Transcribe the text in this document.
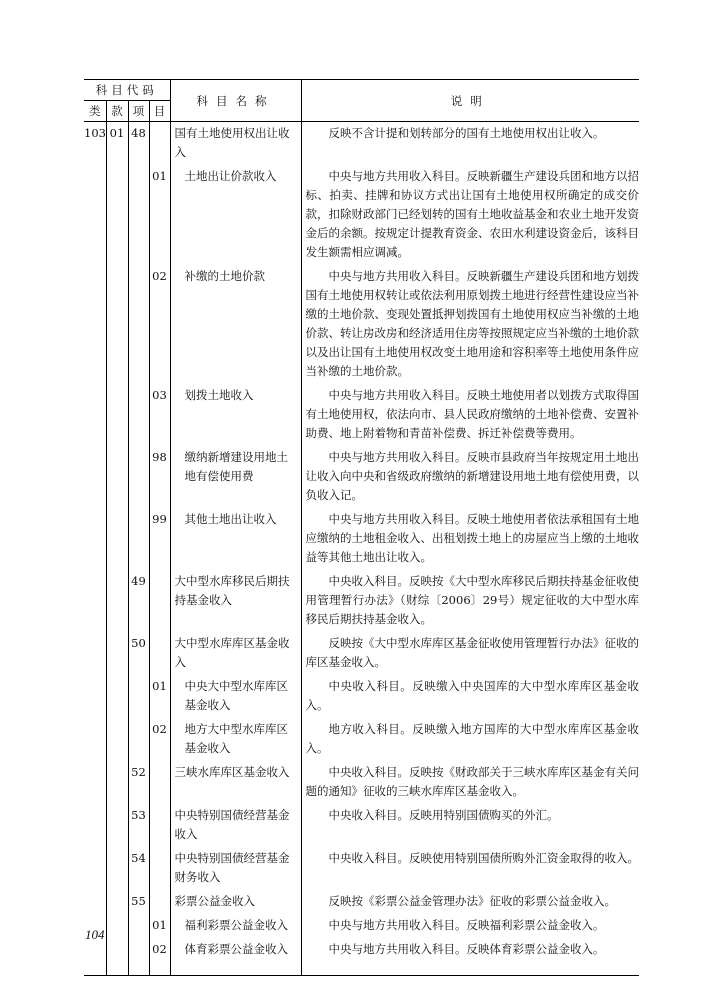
科目代码				科目名称	说明
类	款	项	目		
103	01	48		国有土地使用权出让收入	反映不含计提和划转部分的国有土地使用权出让收入。
			01	土地出让价款收入	中央与地方共用收入科目。反映新疆生产建设兵团和地方以招标、拍卖、挂牌和协议方式出让国有土地使用权所确定的成交价款，扣除财政部门已经划转的国有土地收益基金和农业土地开发资金后的余额。按规定计提教育资金、农田水利建设资金后，该科目发生额需相应调减。
			02	补缴的土地价款	中央与地方共用收入科目。反映新疆生产建设兵团和地方划拨国有土地使用权转让或依法利用原划拨土地进行经营性建设应当补缴的土地价款、变现处置抵押划拨国有土地使用权应当补缴的土地价款、转让房改房和经济适用住房等按照规定应当补缴的土地价款以及出让国有土地使用权改变土地用途和容积率等土地使用条件应当补缴的土地价款。
			03	划拨土地收入	中央与地方共用收入科目。反映土地使用者以划拨方式取得国有土地使用权，依法向市、县人民政府缴纳的土地补偿费、安置补助费、地上附着物和青苗补偿费、拆迁补偿费等费用。
			98	缴纳新增建设用地土地有偿使用费	中央与地方共用收入科目。反映市县政府当年按规定用土地出让收入向中央和省级政府缴纳的新增建设用地土地有偿使用费，以负收入记。
			99	其他土地出让收入	中央与地方共用收入科目。反映土地使用者依法承租国有土地应缴纳的土地租金收入、出租划拨土地上的房屋应当上缴的土地收益等其他土地出让收入。
		49		大中型水库移民后期扶持基金收入	中央收入科目。反映按《大中型水库移民后期扶持基金征收使用管理暂行办法》（财综〔2006〕29号）规定征收的大中型水库移民后期扶持基金收入。
		50		大中型水库库区基金收入	反映按《大中型水库库区基金征收使用管理暂行办法》征收的库区基金收入。
			01	中央大中型水库库区基金收入	中央收入科目。反映缴入中央国库的大中型水库库区基金收入。
			02	地方大中型水库库区基金收入	地方收入科目。反映缴入地方国库的大中型水库库区基金收入。
		52		三峡水库库区基金收入	中央收入科目。反映按《财政部关于三峡水库库区基金有关问题的通知》征收的三峡水库库区基金收入。
		53		中央特别国债经营基金收入	中央收入科目。反映用特别国债购买的外汇。
		54		中央特别国债经营基金财务收入	中央收入科目。反映使用特别国债所购外汇资金取得的收入。
		55		彩票公益金收入	反映按《彩票公益金管理办法》征收的彩票公益金收入。
			01	福利彩票公益金收入	中央与地方共用收入科目。反映福利彩票公益金收入。
			02	体育彩票公益金收入	中央与地方共用收入科目。反映体育彩票公益金收入。

104
